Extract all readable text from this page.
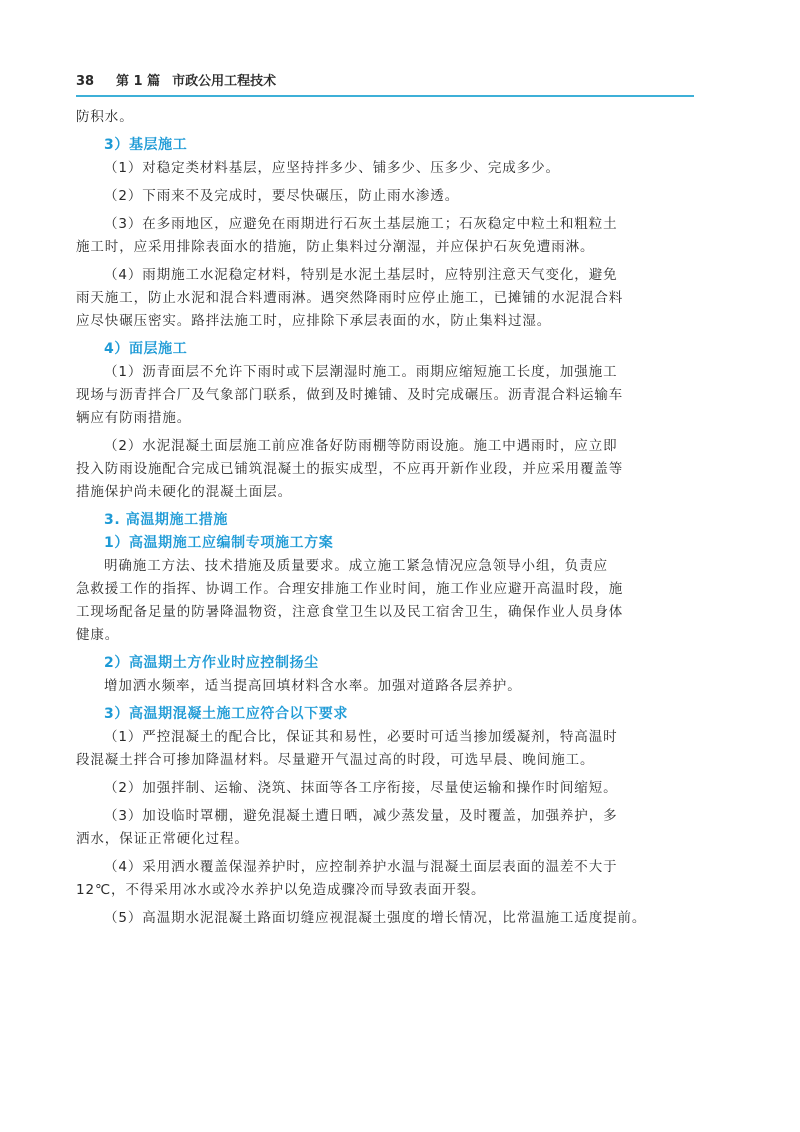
38 第 1 篇 市政公用工程技术
防积水。
3）基层施工
（1）对稳定类材料基层，应坚持拌多少、铺多少、压多少、完成多少。
（2）下雨来不及完成时，要尽快碾压，防止雨水渗透。
（3）在多雨地区，应避免在雨期进行石灰土基层施工；石灰稳定中粒土和粗粒土
施工时，应采用排除表面水的措施，防止集料过分潮湿，并应保护石灰免遭雨淋。
（4）雨期施工水泥稳定材料，特别是水泥土基层时，应特别注意天气变化，避免
雨天施工，防止水泥和混合料遭雨淋。遇突然降雨时应停止施工，已摊铺的水泥混合料
应尽快碾压密实。路拌法施工时，应排除下承层表面的水，防止集料过湿。
4）面层施工
（1）沥青面层不允许下雨时或下层潮湿时施工。雨期应缩短施工长度，加强施工
现场与沥青拌合厂及气象部门联系，做到及时摊铺、及时完成碾压。沥青混合料运输车
辆应有防雨措施。
（2）水泥混凝土面层施工前应准备好防雨棚等防雨设施。施工中遇雨时，应立即
投入防雨设施配合完成已铺筑混凝土的振实成型，不应再开新作业段，并应采用覆盖等
措施保护尚未硬化的混凝土面层。
3. 高温期施工措施
1）高温期施工应编制专项施工方案
明确施工方法、技术措施及质量要求。成立施工紧急情况应急领导小组，负责应
急救援工作的指挥、协调工作。合理安排施工作业时间，施工作业应避开高温时段，施
工现场配备足量的防暑降温物资，注意食堂卫生以及民工宿舍卫生，确保作业人员身体
健康。
2）高温期土方作业时应控制扬尘
增加洒水频率，适当提高回填材料含水率。加强对道路各层养护。
3）高温期混凝土施工应符合以下要求
（1）严控混凝土的配合比，保证其和易性，必要时可适当掺加缓凝剂，特高温时
段混凝土拌合可掺加降温材料。尽量避开气温过高的时段，可选早晨、晚间施工。
（2）加强拌制、运输、浇筑、抹面等各工序衔接，尽量使运输和操作时间缩短。
（3）加设临时罩棚，避免混凝土遭日晒，减少蒸发量，及时覆盖，加强养护，多
洒水，保证正常硬化过程。
（4）采用洒水覆盖保湿养护时，应控制养护水温与混凝土面层表面的温差不大于
12℃，不得采用冰水或冷水养护以免造成骤冷而导致表面开裂。
（5）高温期水泥混凝土路面切缝应视混凝土强度的增长情况，比常温施工适度提前。
